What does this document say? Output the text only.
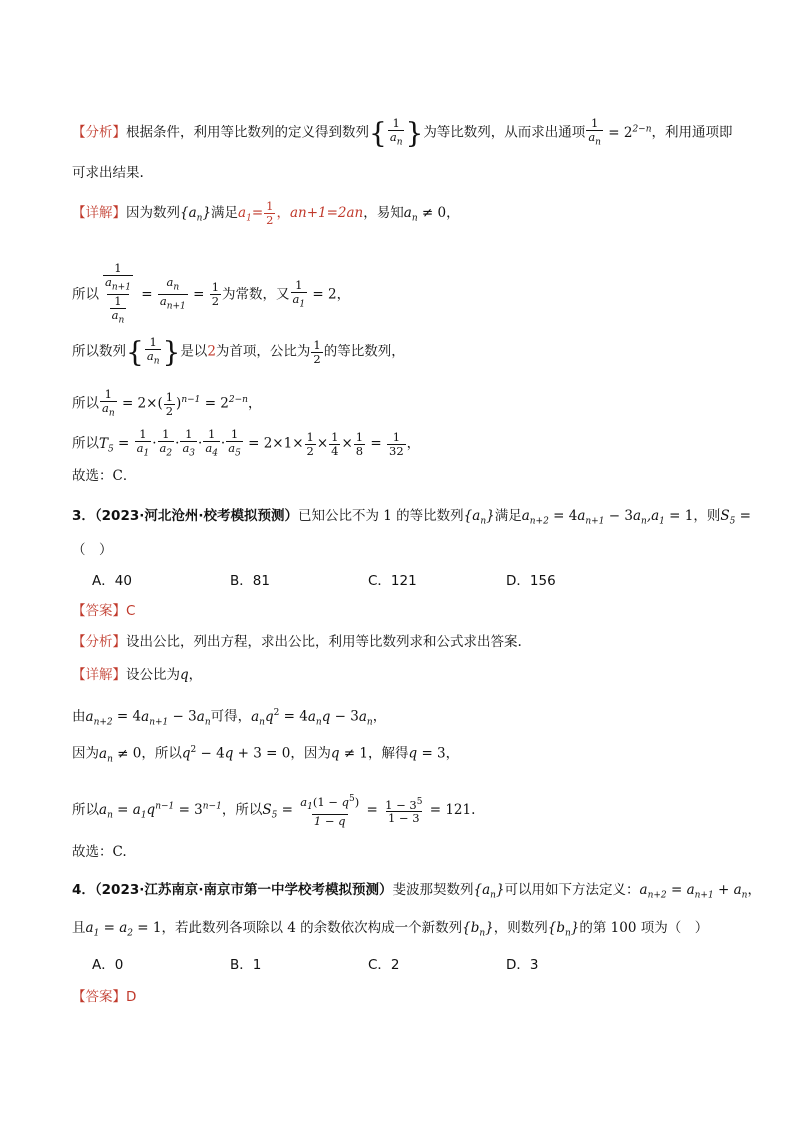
【分析】根据条件，利用等比数列的定义得到数列{ $\frac{1}{a_n}$ }为等比数列，从而求出通项 $\frac{1}{a_n} = 2^{2-n}$，利用通项即
可求出结果.
【详解】因为数列$\{a_n\}$满足$a_1= \frac{1}{2}$ ，an+1=2an，易知$a_n \ne 0$，
所以 $\frac{\frac{1}{a_{n+1}}}{\frac{1}{a_n}} = \frac{a_n}{a_{n+1}} = \frac{1}{2}$ 为常数，又 $\frac{1}{a_1} = 2$，
所以数列{ $\frac{1}{a_n}$ }是以2为首项，公比为 $\frac{1}{2}$ 的等比数列，
所以 $\frac{1}{a_n} = 2\times( \frac{1}{2} )^{n-1} = 2^{2-n}$，
所以$T_5 = \frac{1}{a_1} \cdot \frac{1}{a_2} \cdot \frac{1}{a_3} \cdot \frac{1}{a_4} \cdot \frac{1}{a_5} = 2\times 1\times \frac{1}{2} \times \frac{1}{4} \times \frac{1}{8} = \frac{1}{32}$ ，
故选：C．
3．（2023·河北沧州·校考模拟预测）已知公比不为 1 的等比数列$\{a_n\}$满足$a_{n+2} = 4a_{n+1} - 3a_n,a_1 = 1$，则$S_5$ =
（　）
A．40	B．81	C．121	D．156
【答案】C
【分析】设出公比，列出方程，求出公比，利用等比数列求和公式求出答案.
【详解】设公比为q，
由$a_{n+2} = 4a_{n+1} - 3a_n$可得，$a_nq^2 = 4a_nq - 3a_n$，
因为$a_n \ne 0$，所以$q^2 - 4q + 3 = 0$，因为q ≠ 1，解得q = 3，
所以$a_n = a_1q^{n-1} = 3^{n-1}$，所以$S_5 = \frac{a_1(1 - q^5)}{1 - q} = \frac{1 - 3^5}{1 - 3} = 121$.
故选：C.
4．（2023·江苏南京·南京市第一中学校考模拟预测）斐波那契数列$\{a_n\}$可以用如下方法定义：$a_{n+2} = a_{n+1} + a_n$，
且$a_1 = a_2 = 1$，若此数列各项除以 4 的余数依次构成一个新数列$\{b_n\}$，则数列$\{b_n\}$的第 100 项为（　）
A．0	B．1	C．2	D．3
【答案】D
